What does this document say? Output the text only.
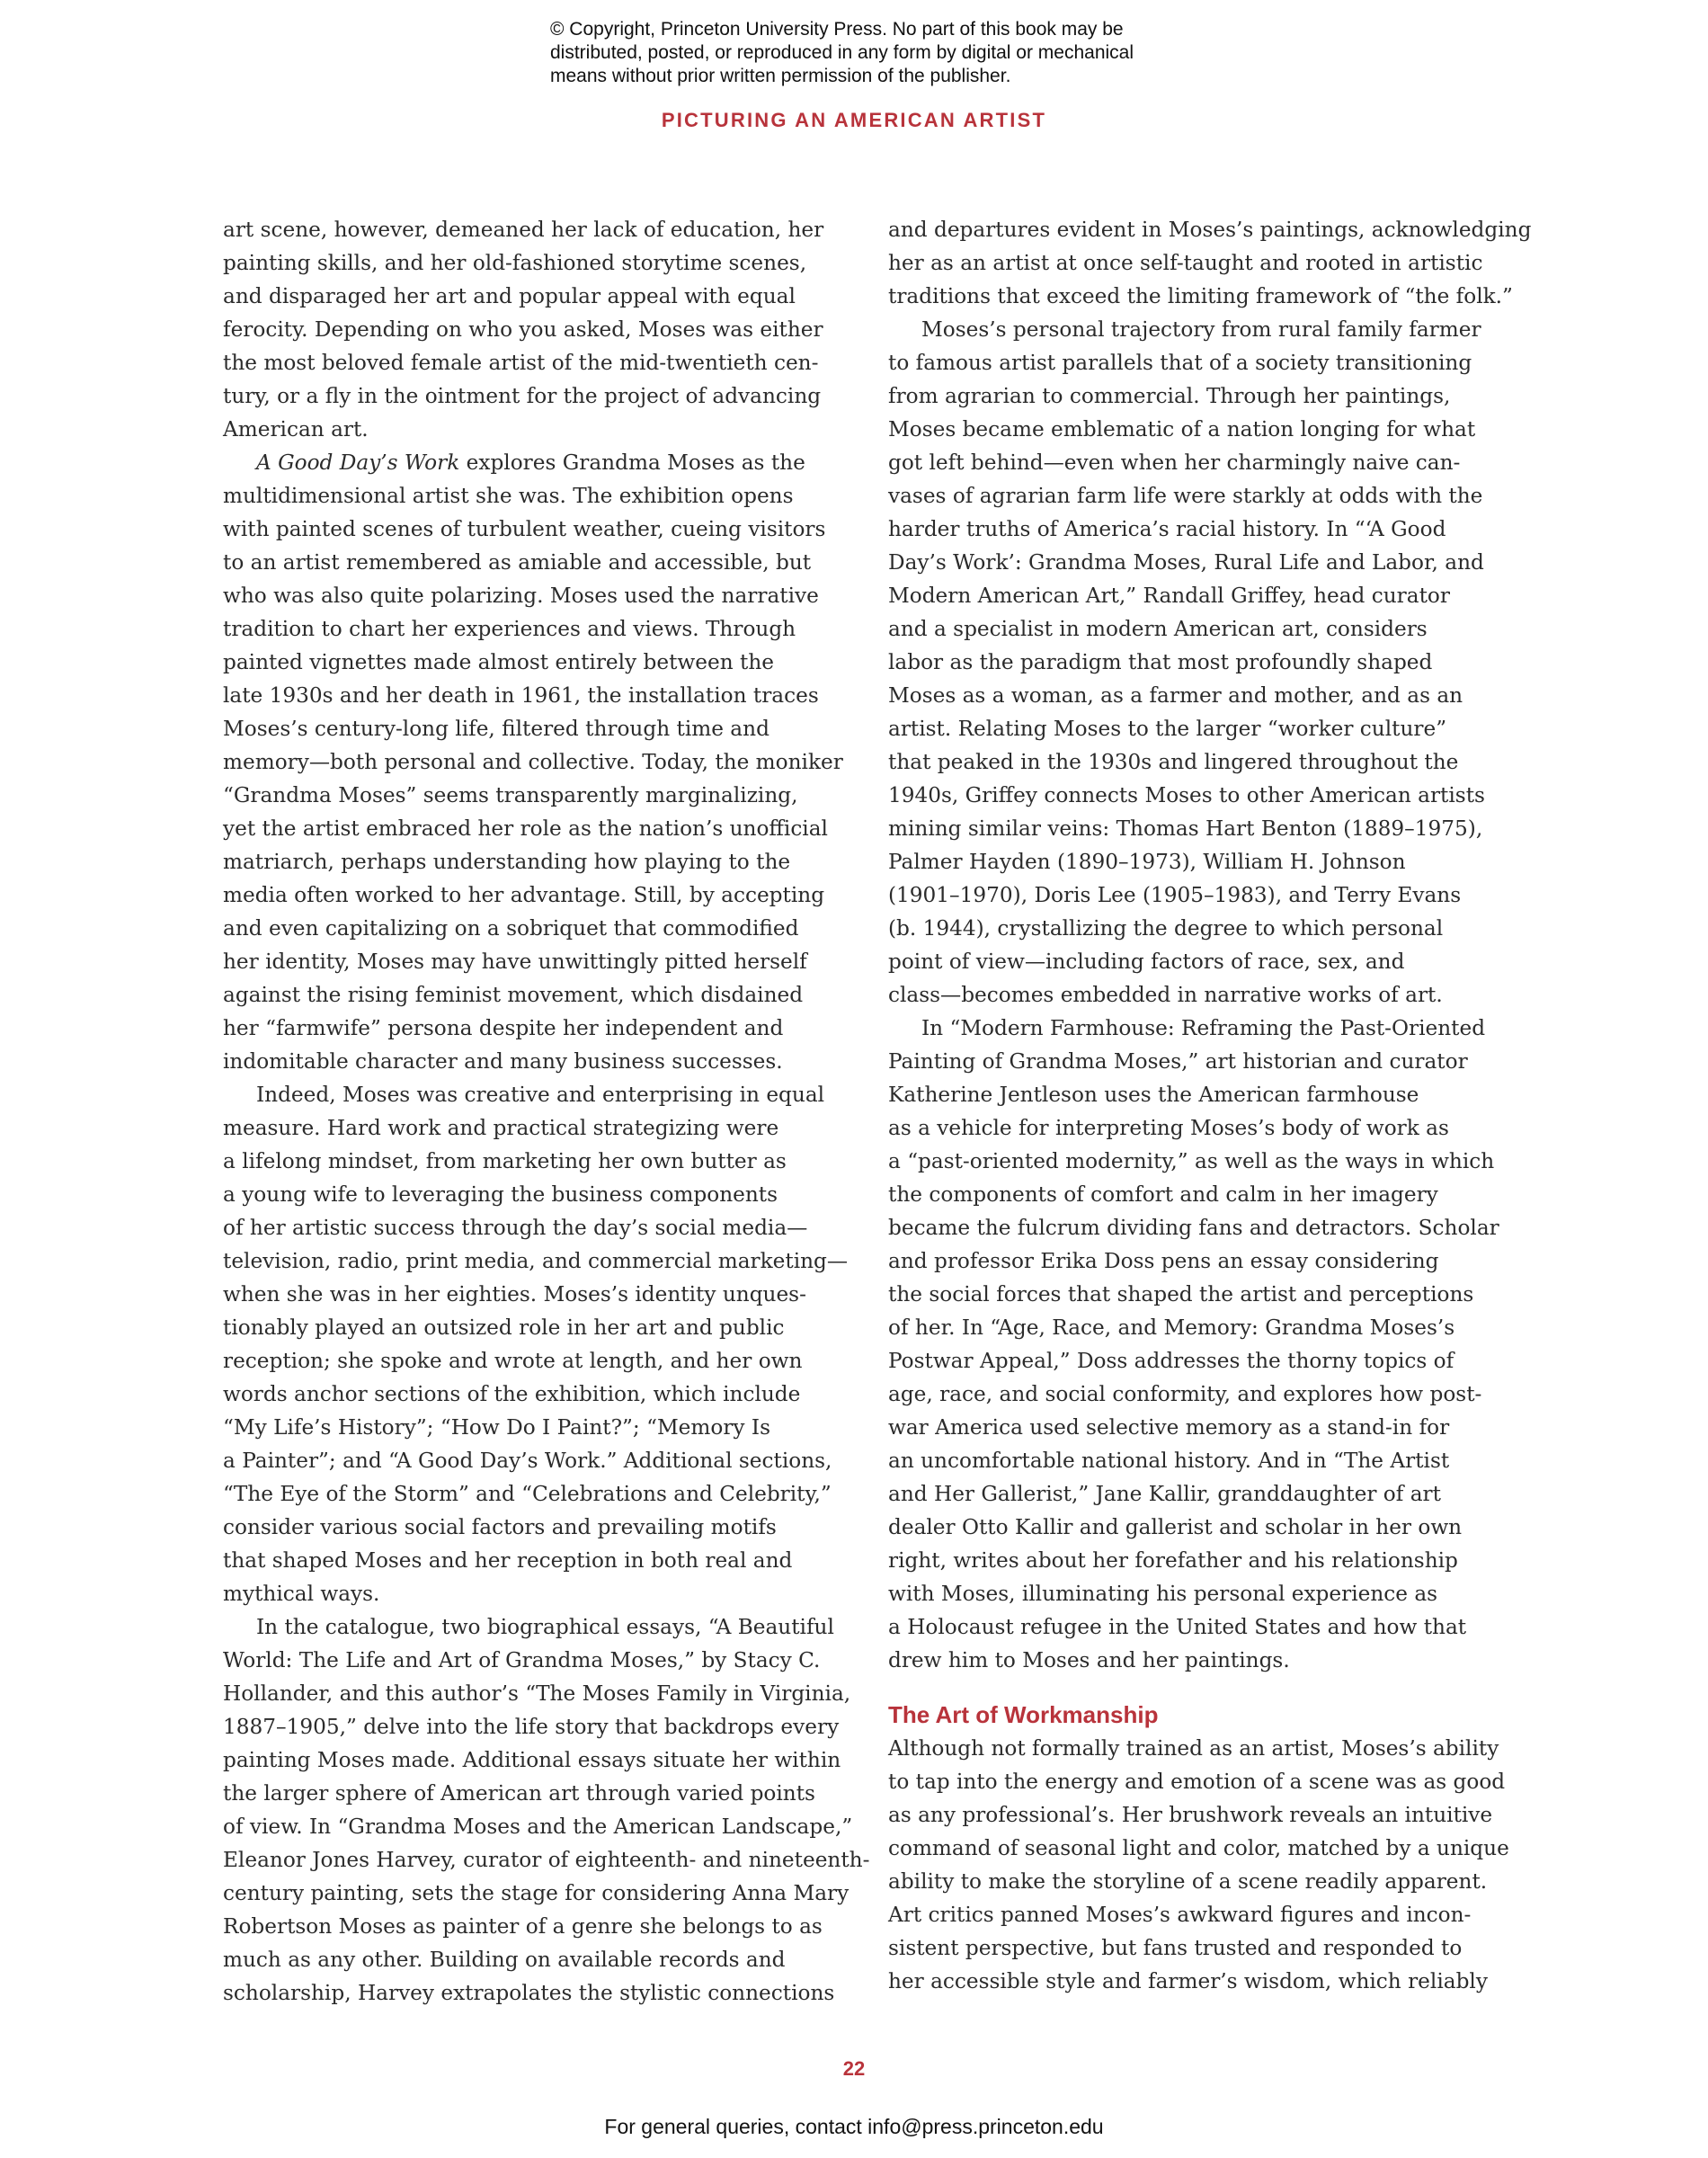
© Copyright, Princeton University Press. No part of this book may be
distributed, posted, or reproduced in any form by digital or mechanical
means without prior written permission of the publisher.
PICTURING AN AMERICAN ARTIST
art scene, however, demeaned her lack of education, her
painting skills, and her old-fashioned storytime scenes,
and disparaged her art and popular appeal with equal
ferocity. Depending on who you asked, Moses was either
the most beloved female artist of the mid-twentieth cen-
tury, or a fly in the ointment for the project of advancing
American art.
A Good Day’s Work explores Grandma Moses as the
multidimensional artist she was. The exhibition opens
with painted scenes of turbulent weather, cueing visitors
to an artist remembered as amiable and accessible, but
who was also quite polarizing. Moses used the narrative
tradition to chart her experiences and views. Through
painted vignettes made almost entirely between the
late 1930s and her death in 1961, the installation traces
Moses’s century-long life, filtered through time and
memory—both personal and collective. Today, the moniker
“Grandma Moses” seems transparently marginalizing,
yet the artist embraced her role as the nation’s unofficial
matriarch, perhaps understanding how playing to the
media often worked to her advantage. Still, by accepting
and even capitalizing on a sobriquet that commodified
her identity, Moses may have unwittingly pitted herself
against the rising feminist movement, which disdained
her “farmwife” persona despite her independent and
indomitable character and many business successes.
Indeed, Moses was creative and enterprising in equal
measure. Hard work and practical strategizing were
a lifelong mindset, from marketing her own butter as
a young wife to leveraging the business components
of her artistic success through the day’s social media—
television, radio, print media, and commercial marketing—
when she was in her eighties. Moses’s identity unques-
tionably played an outsized role in her art and public
reception; she spoke and wrote at length, and her own
words anchor sections of the exhibition, which include
“My Life’s History”; “How Do I Paint?”; “Memory Is
a Painter”; and “A Good Day’s Work.” Additional sections,
“The Eye of the Storm” and “Celebrations and Celebrity,”
consider various social factors and prevailing motifs
that shaped Moses and her reception in both real and
mythical ways.
In the catalogue, two biographical essays, “A Beautiful
World: The Life and Art of Grandma Moses,” by Stacy C.
Hollander, and this author’s “The Moses Family in Virginia,
1887–1905,” delve into the life story that backdrops every
painting Moses made. Additional essays situate her within
the larger sphere of American art through varied points
of view. In “Grandma Moses and the American Landscape,”
Eleanor Jones Harvey, curator of eighteenth- and nineteenth-
century painting, sets the stage for considering Anna Mary
Robertson Moses as painter of a genre she belongs to as
much as any other. Building on available records and
scholarship, Harvey extrapolates the stylistic connections
and departures evident in Moses’s paintings, acknowledging
her as an artist at once self-taught and rooted in artistic
traditions that exceed the limiting framework of “the folk.”
Moses’s personal trajectory from rural family farmer
to famous artist parallels that of a society transitioning
from agrarian to commercial. Through her paintings,
Moses became emblematic of a nation longing for what
got left behind—even when her charmingly naive can-
vases of agrarian farm life were starkly at odds with the
harder truths of America’s racial history. In “‘A Good
Day’s Work’: Grandma Moses, Rural Life and Labor, and
Modern American Art,” Randall Griffey, head curator
and a specialist in modern American art, considers
labor as the paradigm that most profoundly shaped
Moses as a woman, as a farmer and mother, and as an
artist. Relating Moses to the larger “worker culture”
that peaked in the 1930s and lingered throughout the
1940s, Griffey connects Moses to other American artists
mining similar veins: Thomas Hart Benton (1889–1975),
Palmer Hayden (1890–1973), William H. Johnson
(1901–1970), Doris Lee (1905–1983), and Terry Evans
(b. 1944), crystallizing the degree to which personal
point of view—including factors of race, sex, and
class—becomes embedded in narrative works of art.
In “Modern Farmhouse: Reframing the Past-Oriented
Painting of Grandma Moses,” art historian and curator
Katherine Jentleson uses the American farmhouse
as a vehicle for interpreting Moses’s body of work as
a “past-oriented modernity,” as well as the ways in which
the components of comfort and calm in her imagery
became the fulcrum dividing fans and detractors. Scholar
and professor Erika Doss pens an essay considering
the social forces that shaped the artist and perceptions
of her. In “Age, Race, and Memory: Grandma Moses’s
Postwar Appeal,” Doss addresses the thorny topics of
age, race, and social conformity, and explores how post-
war America used selective memory as a stand-in for
an uncomfortable national history. And in “The Artist
and Her Gallerist,” Jane Kallir, granddaughter of art
dealer Otto Kallir and gallerist and scholar in her own
right, writes about her forefather and his relationship
with Moses, illuminating his personal experience as
a Holocaust refugee in the United States and how that
drew him to Moses and her paintings.
The Art of Workmanship
Although not formally trained as an artist, Moses’s ability
to tap into the energy and emotion of a scene was as good
as any professional’s. Her brushwork reveals an intuitive
command of seasonal light and color, matched by a unique
ability to make the storyline of a scene readily apparent.
Art critics panned Moses’s awkward figures and incon-
sistent perspective, but fans trusted and responded to
her accessible style and farmer’s wisdom, which reliably
22
For general queries, contact info@press.princeton.edu
